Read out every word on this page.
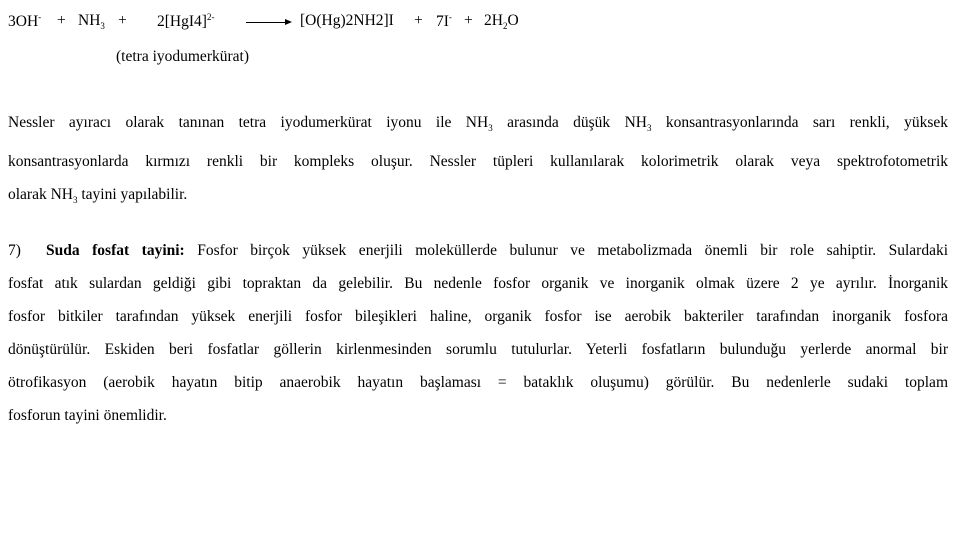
$3OH^- + NH_3 + 2[HgI4]^{2-}$	$[O(Hg)2NH2]I + 7I^- + 2H_2O$
(tetra iyodumerkürat)
Nessler ayıracı olarak tanınan tetra iyodumerkürat iyonu ile $NH_3$ arasında düşük $NH_3$ konsantrasyonlarında sarı renkli, yüksek
konsantrasyonlarda kırmızı renkli bir kompleks oluşur. Nessler tüpleri kullanılarak kolorimetrik olarak veya spektrofotometrik
olarak $NH_3$ tayini yapılabilir.
7) Suda fosfat tayini: Fosfor birçok yüksek enerjili moleküllerde bulunur ve metabolizmada önemli bir role sahiptir. Sulardaki
fosfat atık sulardan geldiği gibi topraktan da gelebilir. Bu nedenle fosfor organik ve inorganik olmak üzere 2 ye ayrılır. İnorganik
fosfor bitkiler tarafından yüksek enerjili fosfor bileşikleri haline, organik fosfor ise aerobik bakteriler tarafından inorganik fosfora
dönüştürülür. Eskiden beri fosfatlar göllerin kirlenmesinden sorumlu tutulurlar. Yeterli fosfatların bulunduğu yerlerde anormal bir
ötrofikasyon (aerobik hayatın bitip anaerobik hayatın başlaması = bataklık oluşumu) görülür. Bu nedenlerle sudaki toplam
fosforun tayini önemlidir.
